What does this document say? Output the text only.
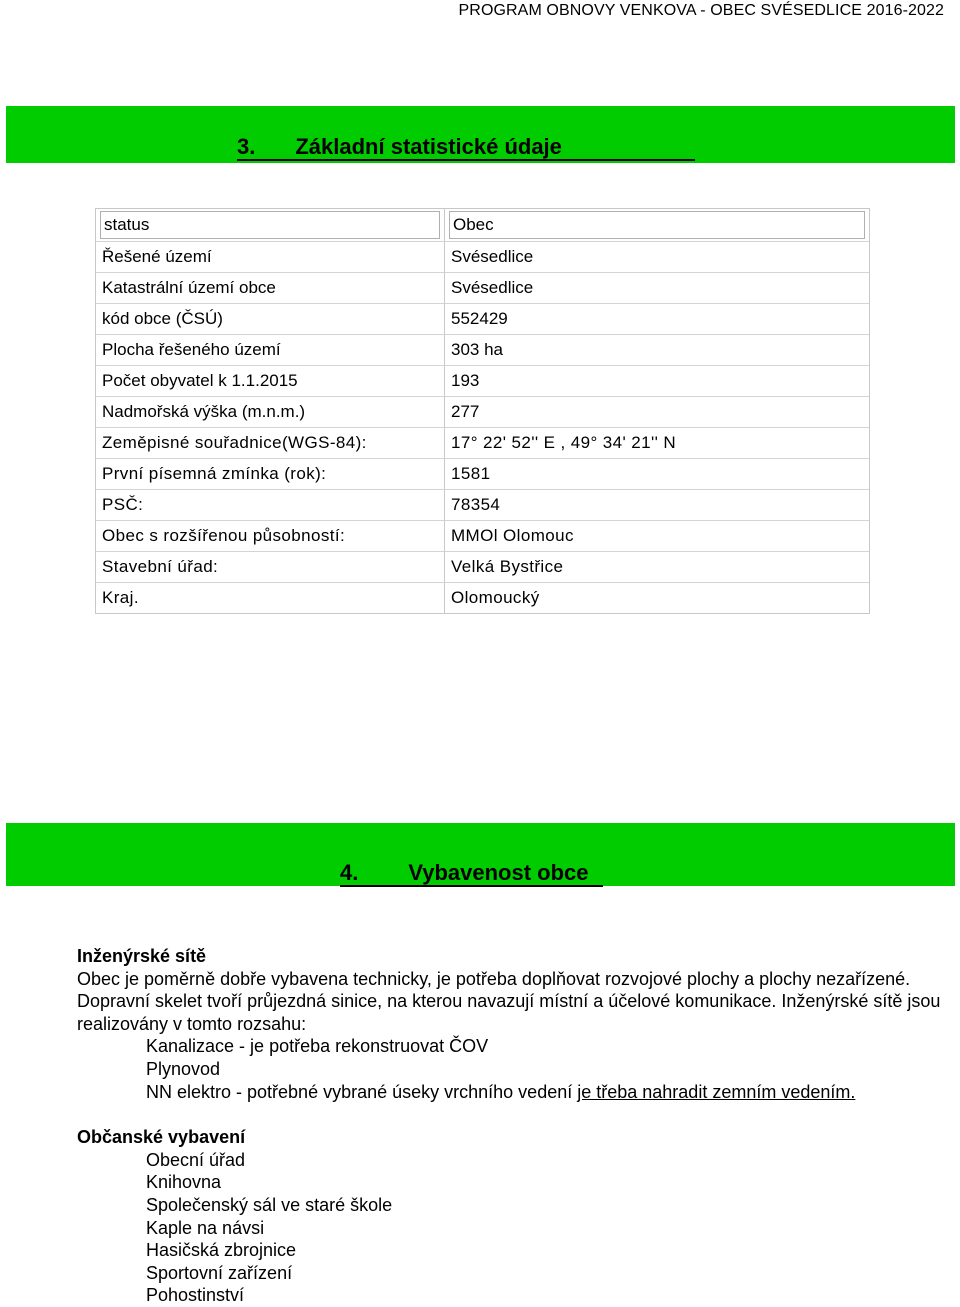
PROGRAM OBNOVY VENKOVA - OBEC SVÉSEDLICE 2016-2022
3. Základní statistické údaje
status	Obec

Řešené území	Svésedlice
Katastrální území obce	Svésedlice
kód obce (ČSÚ)	552429
Plocha řešeného území	303 ha
Počet obyvatel k 1.1.2015	193
Nadmořská výška (m.n.m.)	277
Zeměpisné souřadnice(WGS-84):	17° 22' 52'' E , 49° 34' 21'' N
První písemná zmínka (rok):	1581
PSČ:	78354
Obec s rozšířenou působností:	MMOl Olomouc
Stavební úřad:	Velká Bystřice
Kraj.	Olomoucký
4. Vybavenost obce
Inženýrské sítě
Obec je poměrně dobře vybavena technicky, je potřeba doplňovat rozvojové plochy a plochy nezařízené. Dopravní skelet tvoří průjezdná sinice, na kterou navazují místní a účelové komunikace. Inženýrské sítě jsou realizovány v tomto rozsahu:
Kanalizace - je potřeba rekonstruovat ČOV
Plynovod
NN elektro - potřebné vybrané úseky vrchního vedení je třeba nahradit zemním vedením.
Občanské vybavení
Obecní úřad
Knihovna
Společenský sál ve staré škole
Kaple na návsi
Hasičská zbrojnice
Sportovní zařízení
Pohostinství
